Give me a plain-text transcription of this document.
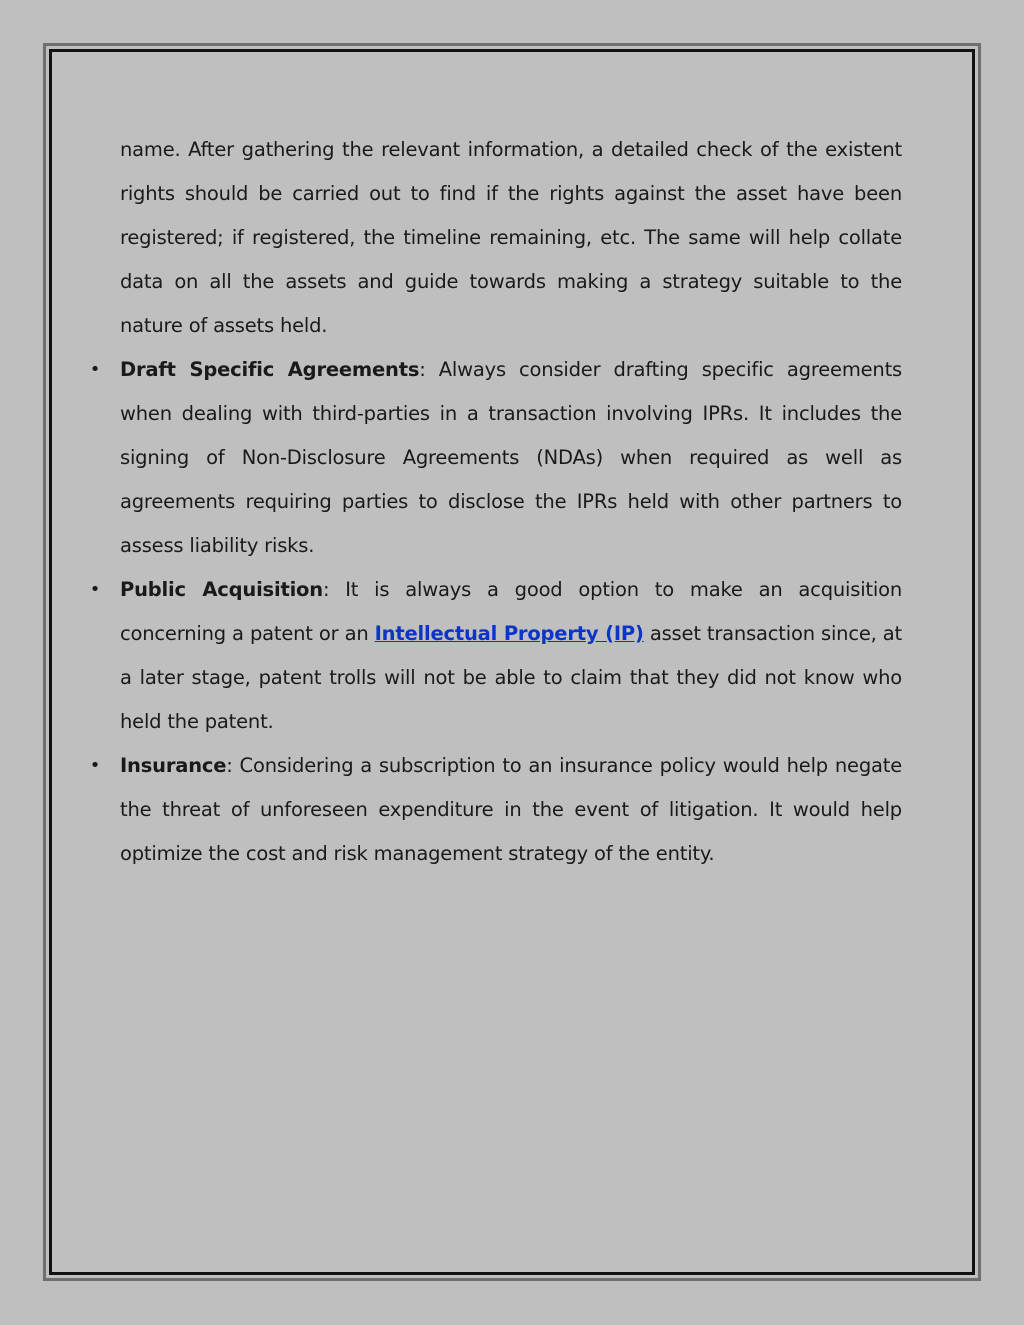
name. After gathering the relevant information, a detailed check of the existent rights should be carried out to find if the rights against the asset have been registered; if registered, the timeline remaining, etc. The same will help collate data on all the assets and guide towards making a strategy suitable to the nature of assets held.

• Draft Specific Agreements: Always consider drafting specific agreements when dealing with third-parties in a transaction involving IPRs. It includes the signing of Non-Disclosure Agreements (NDAs) when required as well as agreements requiring parties to disclose the IPRs held with other partners to assess liability risks.

• Public Acquisition: It is always a good option to make an acquisition concerning a patent or an Intellectual Property (IP) asset transaction since, at a later stage, patent trolls will not be able to claim that they did not know who held the patent.

• Insurance: Considering a subscription to an insurance policy would help negate the threat of unforeseen expenditure in the event of litigation. It would help optimize the cost and risk management strategy of the entity.
